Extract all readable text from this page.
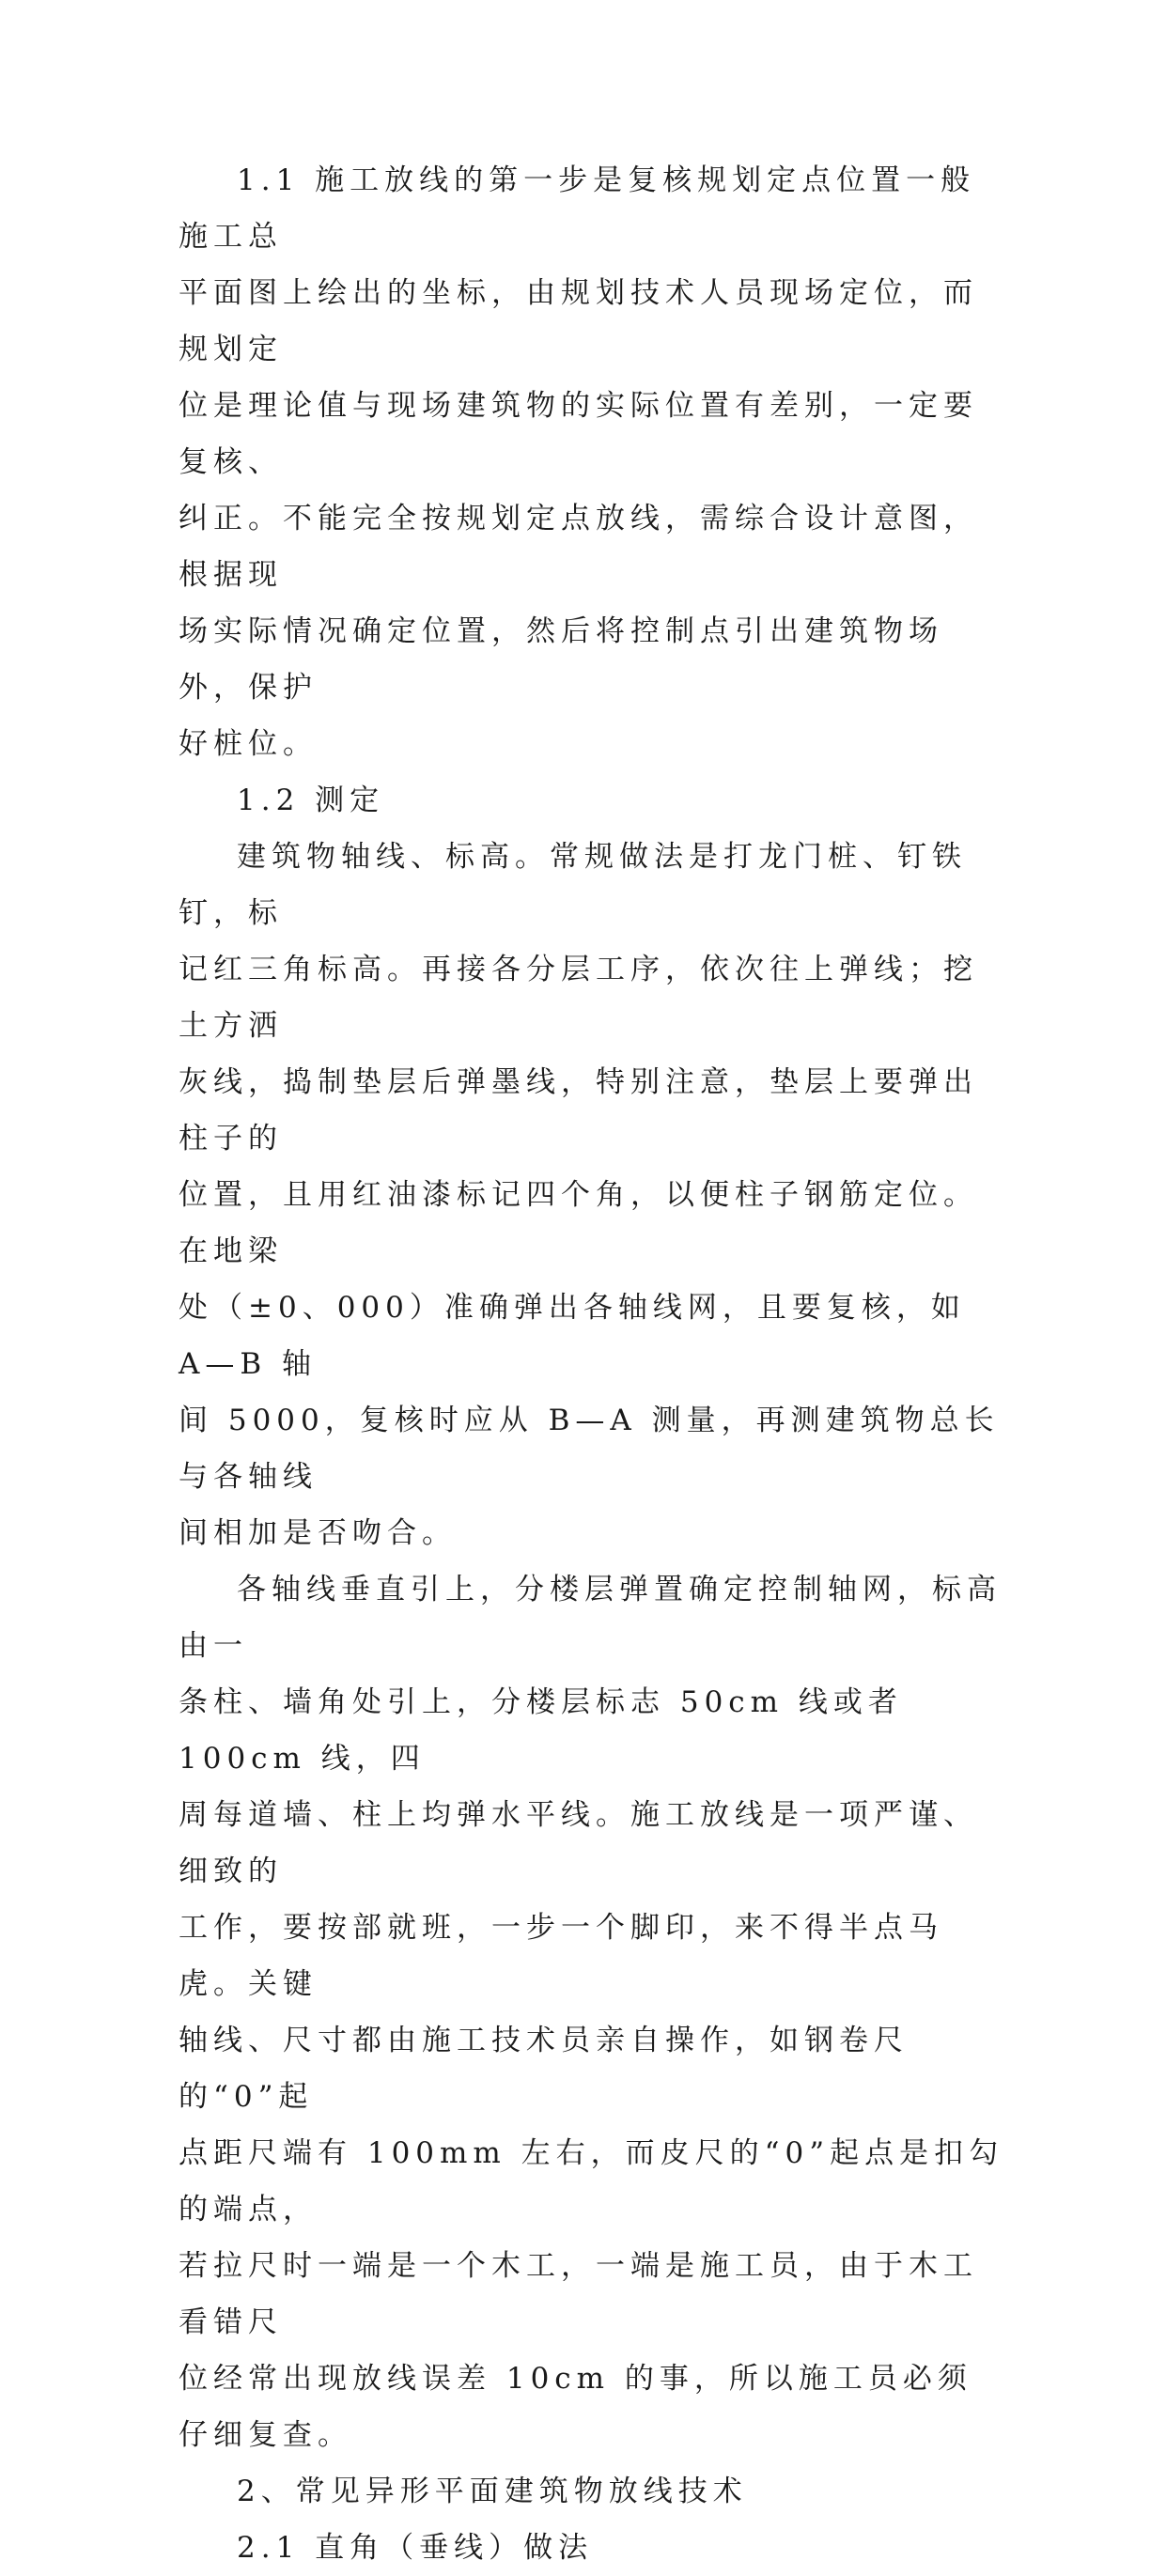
1.1 施工放线的第一步是复核规划定点位置一般施工总
平面图上绘出的坐标，由规划技术人员现场定位，而规划定
位是理论值与现场建筑物的实际位置有差别，一定要复核、
纠正。不能完全按规划定点放线，需综合设计意图，根据现
场实际情况确定位置，然后将控制点引出建筑物场外，保护
好桩位。

1.2 测定

建筑物轴线、标高。常规做法是打龙门桩、钉铁钉，标
记红三角标高。再接各分层工序，依次往上弹线；挖土方洒
灰线，捣制垫层后弹墨线，特别注意，垫层上要弹出柱子的
位置，且用红油漆标记四个角，以便柱子钢筋定位。在地梁
处（±0、000）准确弹出各轴线网，且要复核，如 A—B 轴
间 5000，复核时应从 B—A 测量，再测建筑物总长与各轴线
间相加是否吻合。

各轴线垂直引上，分楼层弹置确定控制轴网，标高由一
条柱、墙角处引上，分楼层标志 50cm 线或者 100cm 线，四
周每道墙、柱上均弹水平线。施工放线是一项严谨、细致的
工作，要按部就班，一步一个脚印，来不得半点马虎。关键
轴线、尺寸都由施工技术员亲自操作，如钢卷尺的“0”起
点距尺端有 100mm 左右，而皮尺的“0”起点是扣勾的端点，
若拉尺时一端是一个木工，一端是施工员，由于木工看错尺
位经常出现放线误差 10cm 的事，所以施工员必须仔细复查。

2、常见异形平面建筑物放线技术

2.1 直角（垂线）做法
